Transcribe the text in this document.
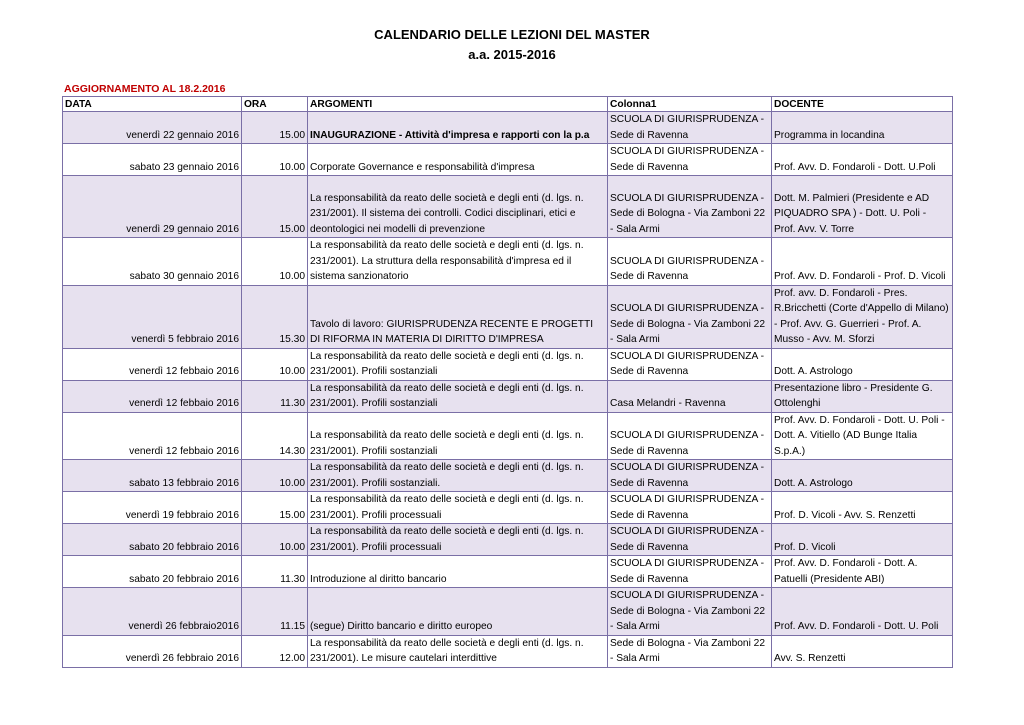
CALENDARIO DELLE LEZIONI DEL MASTER
a.a. 2015-2016
AGGIORNAMENTO AL 18.2.2016
DATA	ORA	ARGOMENTI	Colonna1	DOCENTE
venerdì 22 gennaio 2016	15.00	INAUGURAZIONE - Attività d'impresa e rapporti con la p.a	SCUOLA DI GIURISPRUDENZA - Sede di Ravenna	Programma in locandina
sabato 23 gennaio 2016	10.00	Corporate Governance e responsabilità d'impresa	SCUOLA DI GIURISPRUDENZA - Sede di Ravenna	Prof. Avv. D. Fondaroli - Dott. U.Poli
venerdì 29 gennaio 2016	15.00	La responsabilità da reato delle società e degli enti (d. lgs. n. 231/2001). Il sistema dei controlli. Codici disciplinari, etici e deontologici nei modelli di prevenzione	SCUOLA DI GIURISPRUDENZA - Sede di Bologna - Via Zamboni 22 - Sala Armi	Dott. M. Palmieri (Presidente e AD PIQUADRO SPA ) - Dott. U. Poli - Prof. Avv. V. Torre
sabato 30 gennaio 2016	10.00	La responsabilità da reato delle società e degli enti (d. lgs. n. 231/2001). La struttura della responsabilità d'impresa ed il sistema sanzionatorio	SCUOLA DI GIURISPRUDENZA - Sede di Ravenna	Prof. Avv. D. Fondaroli - Prof. D. Vicoli
venerdì 5 febbraio 2016	15.30	Tavolo di lavoro: GIURISPRUDENZA RECENTE E PROGETTI DI RIFORMA IN MATERIA DI DIRITTO D'IMPRESA	SCUOLA DI GIURISPRUDENZA - Sede di Bologna - Via Zamboni 22 - Sala Armi	Prof. avv. D. Fondaroli - Pres. R.Bricchetti (Corte d'Appello di Milano) - Prof. Avv. G. Guerrieri - Prof. A. Musso - Avv. M. Sforzi
venerdì 12 febbaio 2016	10.00	La responsabilità da reato delle società e degli enti (d. lgs. n. 231/2001). Profili sostanziali	SCUOLA DI GIURISPRUDENZA - Sede di Ravenna	Dott. A. Astrologo
venerdì 12 febbaio 2016	11.30	La responsabilità da reato delle società e degli enti (d. lgs. n. 231/2001). Profili sostanziali	Casa Melandri - Ravenna	Presentazione libro - Presidente G. Ottolenghi
venerdì 12 febbaio 2016	14.30	La responsabilità da reato delle società e degli enti (d. lgs. n. 231/2001). Profili sostanziali	SCUOLA DI GIURISPRUDENZA - Sede di Ravenna	Prof. Avv. D. Fondaroli - Dott. U. Poli - Dott. A. Vitiello (AD Bunge Italia S.p.A.)
sabato 13 febbraio 2016	10.00	La responsabilità da reato delle società e degli enti (d. lgs. n. 231/2001). Profili sostanziali.	SCUOLA DI GIURISPRUDENZA - Sede di Ravenna	Dott. A. Astrologo
venerdì 19 febbraio 2016	15.00	La responsabilità da reato delle società e degli enti (d. lgs. n. 231/2001). Profili processuali	SCUOLA DI GIURISPRUDENZA - Sede di Ravenna	Prof. D. Vicoli - Avv. S. Renzetti
sabato 20 febbraio 2016	10.00	La responsabilità da reato delle società e degli enti (d. lgs. n. 231/2001). Profili processuali	SCUOLA DI GIURISPRUDENZA - Sede di Ravenna	Prof. D. Vicoli
sabato 20 febbraio 2016	11.30	Introduzione al diritto bancario	SCUOLA DI GIURISPRUDENZA - Sede di Ravenna	Prof. Avv. D. Fondaroli - Dott. A. Patuelli (Presidente ABI)
venerdì 26 febbraio2016	11.15	(segue) Diritto bancario e diritto europeo	SCUOLA DI GIURISPRUDENZA - Sede di Bologna - Via Zamboni 22 - Sala Armi	Prof. Avv. D. Fondaroli - Dott. U. Poli
venerdì 26 febbraio 2016	12.00	La responsabilità da reato delle società e degli enti (d. lgs. n. 231/2001). Le misure cautelari interdittive	Sede di Bologna - Via Zamboni 22 - Sala Armi	Avv. S. Renzetti
